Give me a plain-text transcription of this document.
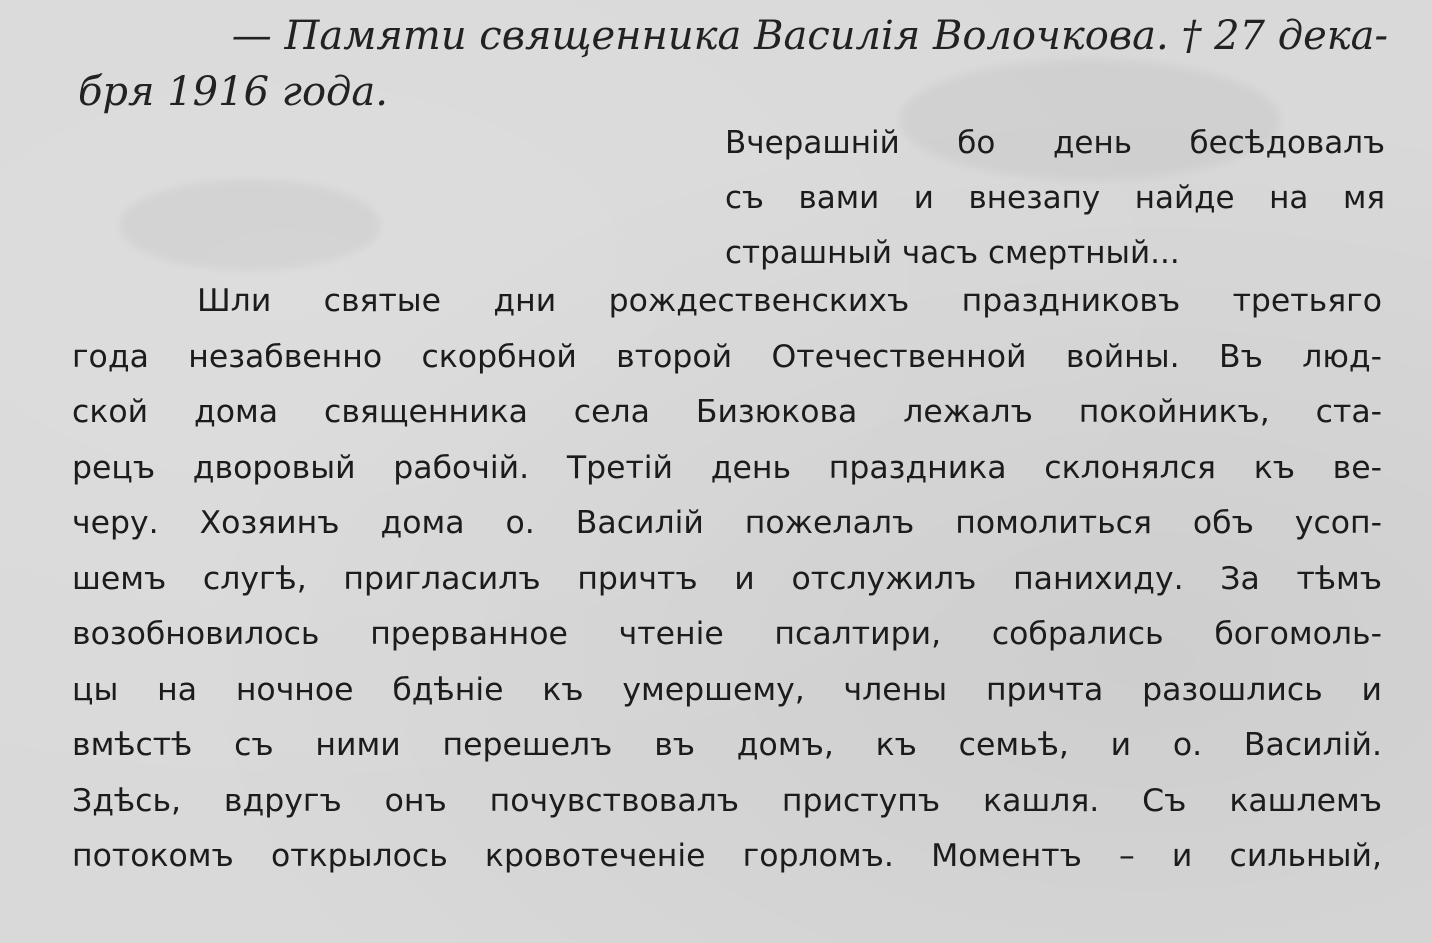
— Памяти священника Василія Волочкова. † 27 дека-
бря 1916 года.
Вчерашній бо день бесѣдовалъ
съ вами и внезапу найде на мя
страшный часъ смертный...
Шли святые дни рождественскихъ праздниковъ третьяго
года незабвенно скорбной второй Отечественной войны. Въ люд-
ской дома священника села Бизюкова лежалъ покойникъ, ста-
рецъ дворовый рабочій. Третій день праздника склонялся къ ве-
черу. Хозяинъ дома о. Василій пожелалъ помолиться объ усоп-
шемъ слугѣ, пригласилъ причтъ и отслужилъ панихиду. За тѣмъ
возобновилось прерванное чтеніе псалтири, собрались богомоль-
цы на ночное бдѣніе къ умершему, члены причта разошлись и
вмѣстѣ съ ними перешелъ въ домъ, къ семьѣ, и о. Василій.
Здѣсь, вдругъ онъ почувствовалъ приступъ кашля. Съ кашлемъ
потокомъ открылось кровотеченіе горломъ. Моментъ – и сильный,
